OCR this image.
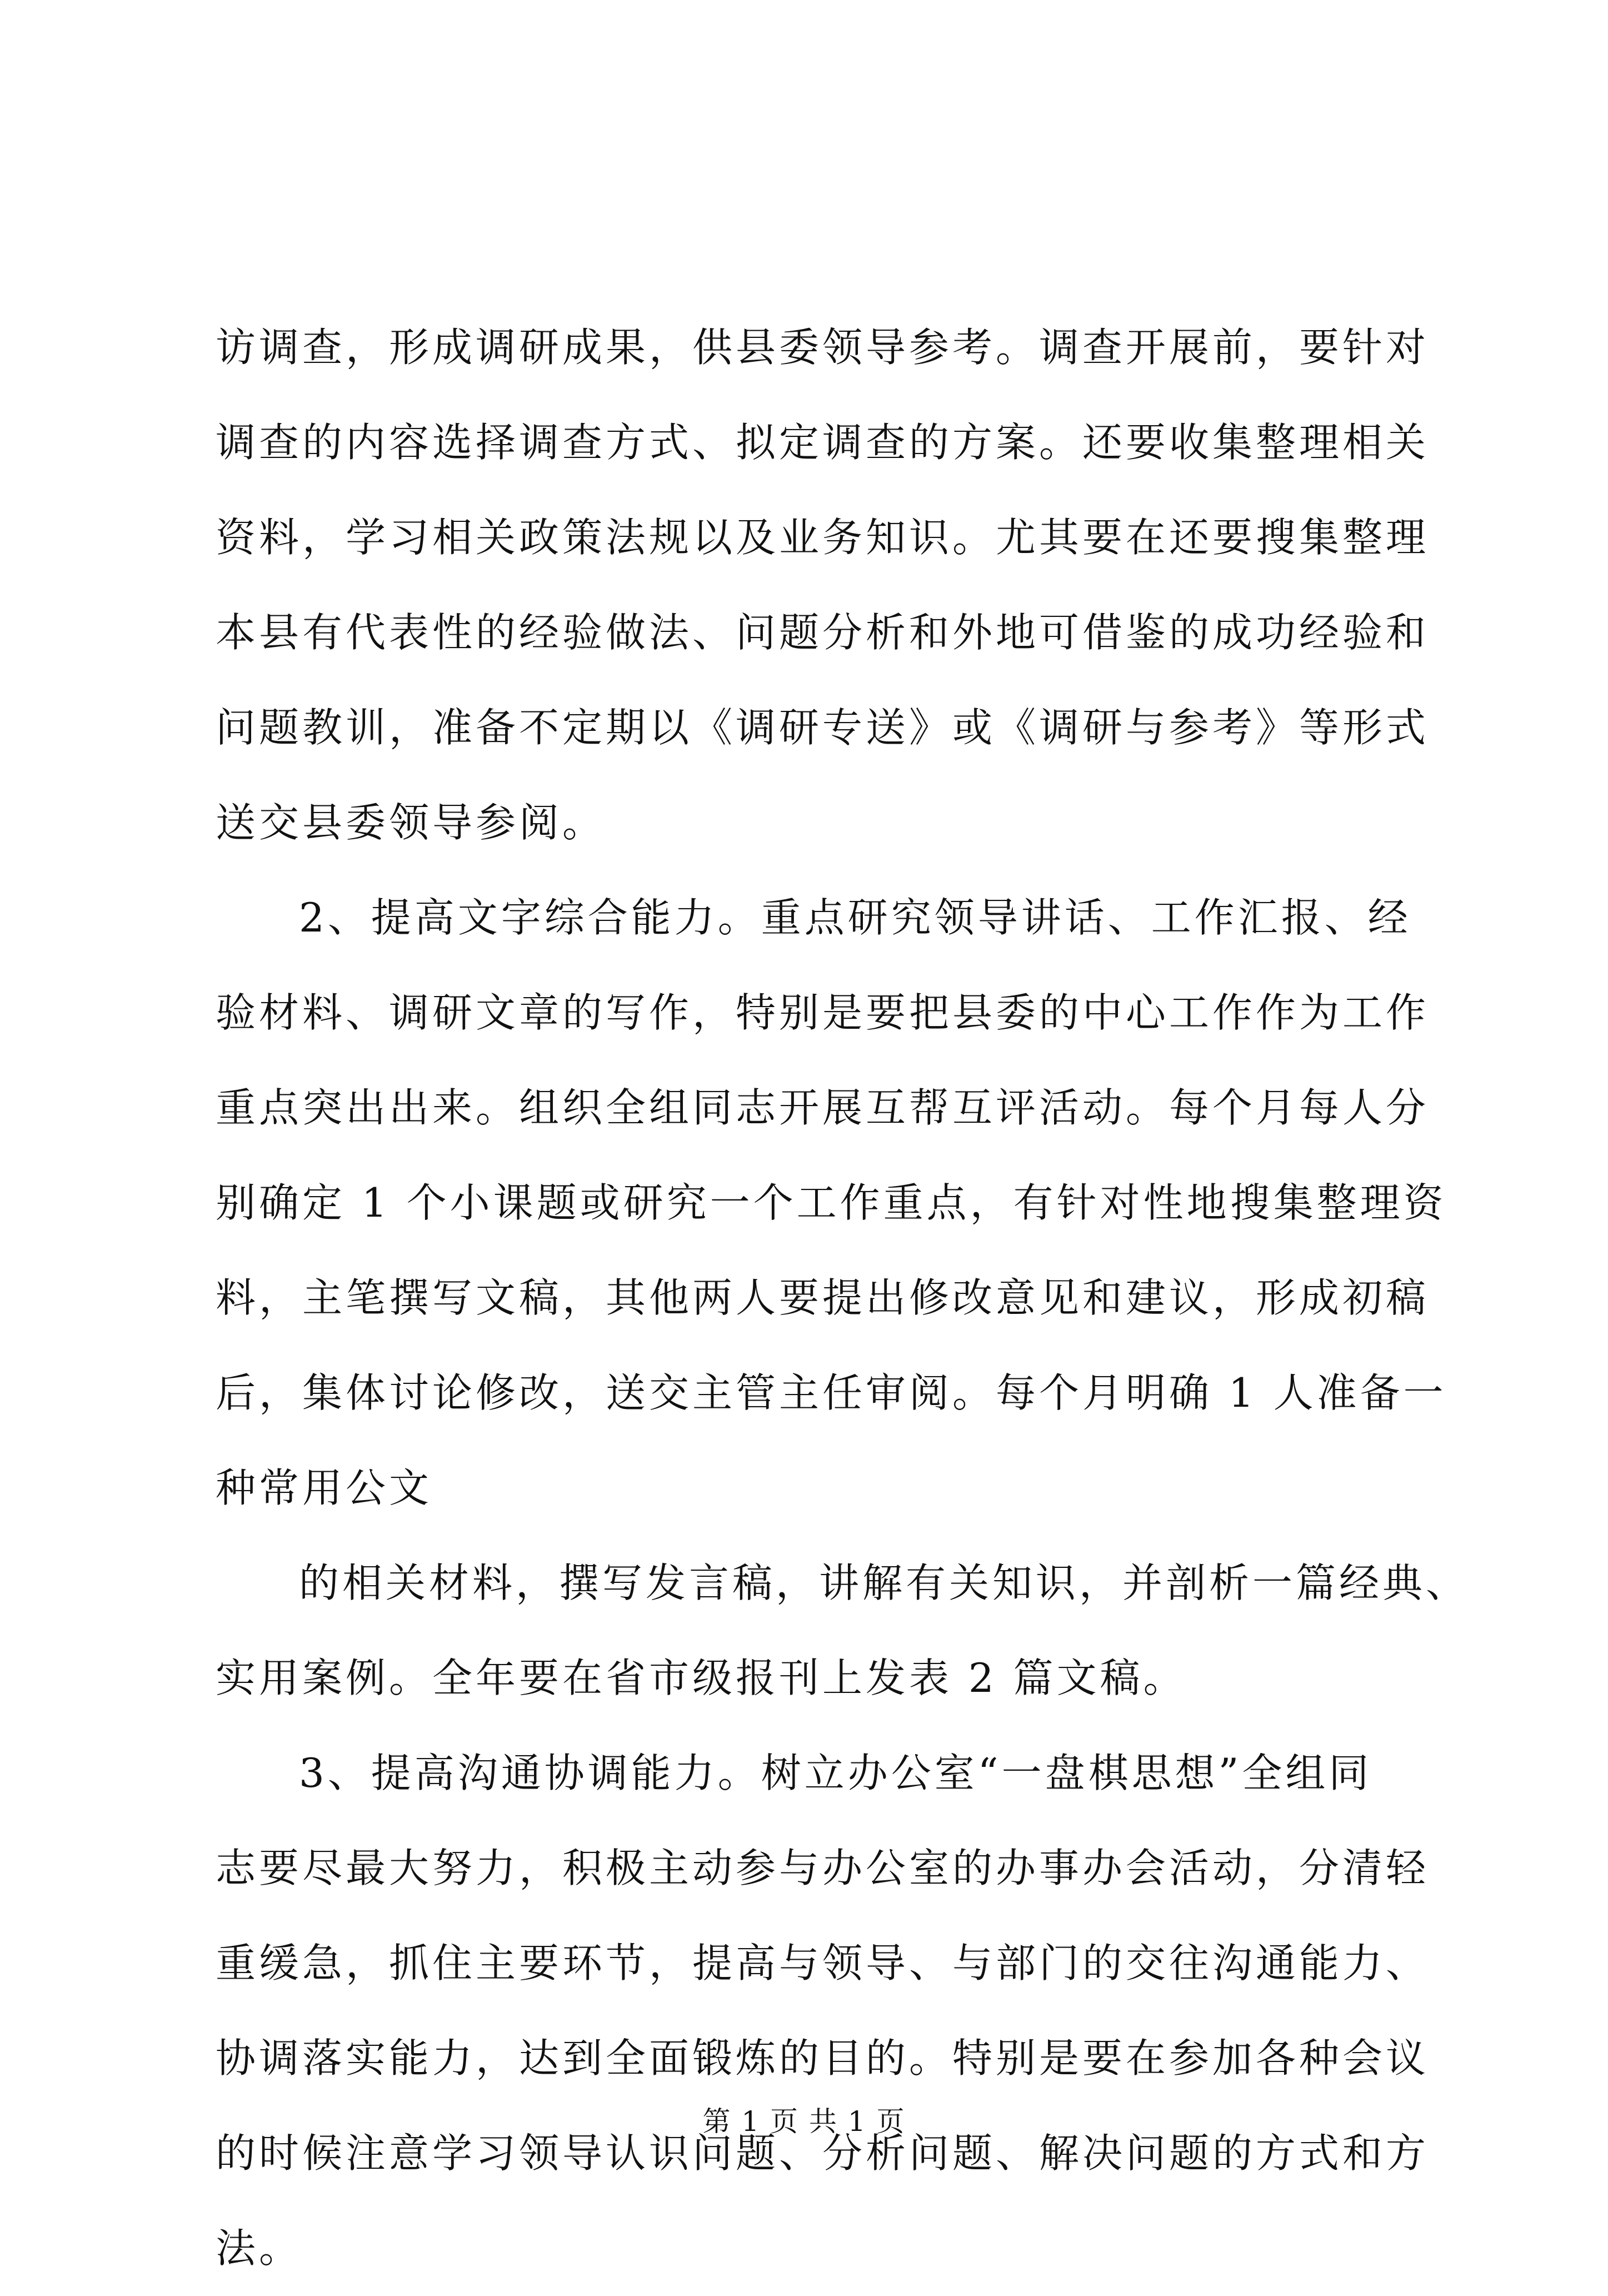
访调查，形成调研成果，供县委领导参考。调查开展前，要针对
调查的内容选择调查方式、拟定调查的方案。还要收集整理相关
资料，学习相关政策法规以及业务知识。尤其要在还要搜集整理
本县有代表性的经验做法、问题分析和外地可借鉴的成功经验和
问题教训，准备不定期以《调研专送》或《调研与参考》等形式
送交县委领导参阅。
2、提高文字综合能力。重点研究领导讲话、工作汇报、经
验材料、调研文章的写作，特别是要把县委的中心工作作为工作
重点突出出来。组织全组同志开展互帮互评活动。每个月每人分
别确定 1 个小课题或研究一个工作重点，有针对性地搜集整理资
料，主笔撰写文稿，其他两人要提出修改意见和建议，形成初稿
后，集体讨论修改，送交主管主任审阅。每个月明确 1 人准备一
种常用公文
的相关材料，撰写发言稿，讲解有关知识，并剖析一篇经典、
实用案例。全年要在省市级报刊上发表 2 篇文稿。
3、提高沟通协调能力。树立办公室“一盘棋思想”全组同
志要尽最大努力，积极主动参与办公室的办事办会活动，分清轻
重缓急，抓住主要环节，提高与领导、与部门的交往沟通能力、
协调落实能力，达到全面锻炼的目的。特别是要在参加各种会议
的时候注意学习领导认识问题、分析问题、解决问题的方式和方
法。
第 1 页 共 1 页
